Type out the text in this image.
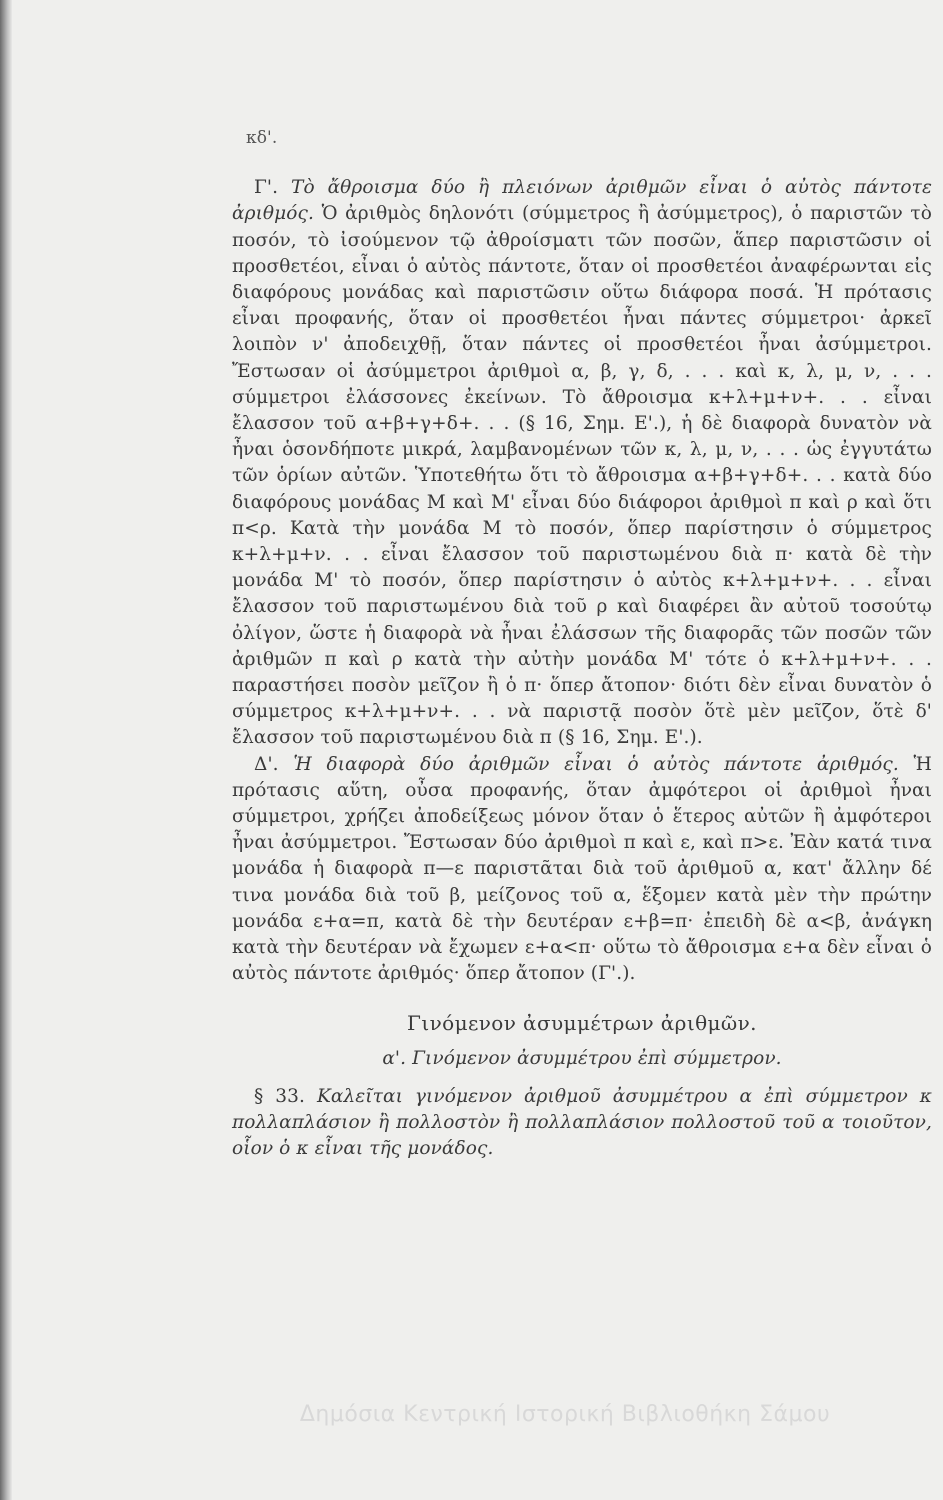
κδ'.

Γ'. Τὸ ἄθροισμα δύο ἢ πλειόνων ἀριθμῶν εἶναι ὁ αὐτὸς πάντοτε ἀριθμός. Ὁ ἀριθμὸς δηλονότι (σύμμετρος ἢ ἀσύμμετρος), ὁ παριστῶν τὸ ποσόν, τὸ ἰσούμενον τῷ ἀθροίσματι τῶν ποσῶν, ἅπερ παριστῶσιν οἱ προσθετέοι, εἶναι ὁ αὐτὸς πάντοτε, ὅταν οἱ προσθετέοι ἀναφέρωνται εἰς διαφόρους μονάδας καὶ παριστῶσιν οὕτω διάφορα ποσά. Ἡ πρότασις εἶναι προφανής, ὅταν οἱ προσθετέοι ἦναι πάντες σύμμετροι· ἀρκεῖ λοιπὸν ν' ἀποδειχθῇ, ὅταν πάντες οἱ προσθετέοι ἦναι ἀσύμμετροι. Ἔστωσαν οἱ ἀσύμμετροι ἀριθμοὶ α, β, γ, δ, . . . καὶ κ, λ, μ, ν, . . . σύμμετροι ἐλάσσονες ἐκείνων. Τὸ ἄθροισμα κ+λ+μ+ν+. . . εἶναι ἔλασσον τοῦ α+β+γ+δ+. . . (§ 16, Σημ. Ε'.), ἡ δὲ διαφορὰ δυνατὸν νὰ ἦναι ὁσονδήποτε μικρά, λαμβανομένων τῶν κ, λ, μ, ν, . . . ὡς ἐγγυτάτω τῶν ὁρίων αὐτῶν. Ὑποτεθήτω ὅτι τὸ ἄθροισμα α+β+γ+δ+. . . κατὰ δύο διαφόρους μονάδας Μ καὶ Μ' εἶναι δύο διάφοροι ἀριθμοὶ π καὶ ρ καὶ ὅτι π<ρ. Κατὰ τὴν μονάδα Μ τὸ ποσόν, ὅπερ παρίστησιν ὁ σύμμετρος κ+λ+μ+ν. . . εἶναι ἔλασσον τοῦ παριστωμένου διὰ π· κατὰ δὲ τὴν μονάδα Μ' τὸ ποσόν, ὅπερ παρίστησιν ὁ αὐτὸς κ+λ+μ+ν+. . . εἶναι ἔλασσον τοῦ παριστωμένου διὰ τοῦ ρ καὶ διαφέρει ἂν αὐτοῦ τοσούτῳ ὀλίγον, ὥστε ἡ διαφορὰ νὰ ἦναι ἐλάσσων τῆς διαφορᾶς τῶν ποσῶν τῶν ἀριθμῶν π καὶ ρ κατὰ τὴν αὐτὴν μονάδα Μ' τότε ὁ κ+λ+μ+ν+. . . παραστήσει ποσὸν μεῖζον ἢ ὁ π· ὅπερ ἄτοπον· διότι δὲν εἶναι δυνατὸν ὁ σύμμετρος κ+λ+μ+ν+. . . νὰ παριστᾷ ποσὸν ὅτὲ μὲν μεῖζον, ὅτὲ δ' ἔλασσον τοῦ παριστωμένου διὰ π (§ 16, Σημ. Ε'.).

Δ'. Ἡ διαφορὰ δύο ἀριθμῶν εἶναι ὁ αὐτὸς πάντοτε ἀριθμός. Ἡ πρότασις αὕτη, οὖσα προφανής, ὅταν ἀμφότεροι οἱ ἀριθμοὶ ἦναι σύμμετροι, χρήζει ἀποδείξεως μόνον ὅταν ὁ ἕτερος αὐτῶν ἢ ἀμφότεροι ἦναι ἀσύμμετροι. Ἔστωσαν δύο ἀριθμοὶ π καὶ ε, καὶ π>ε. Ἐὰν κατά τινα μονάδα ἡ διαφορὰ π—ε παριστᾶται διὰ τοῦ ἀριθμοῦ α, κατ' ἄλλην δέ τινα μονάδα διὰ τοῦ β, μείζονος τοῦ α, ἕξομεν κατὰ μὲν τὴν πρώτην μονάδα ε+α=π, κατὰ δὲ τὴν δευτέραν ε+β=π· ἐπειδὴ δὲ α<β, ἀνάγκη κατὰ τὴν δευτέραν νὰ ἔχωμεν ε+α<π· οὕτω τὸ ἄθροισμα ε+α δὲν εἶναι ὁ αὐτὸς πάντοτε ἀριθμός· ὅπερ ἄτοπον (Γ'.).

Γινόμενον ἀσυμμέτρων ἀριθμῶν.
α'. Γινόμενον ἀσυμμέτρου ἐπὶ σύμμετρον.

§ 33. Καλεῖται γινόμενον ἀριθμοῦ ἀσυμμέτρου α ἐπὶ σύμμετρον κ πολλαπλάσιον ἢ πολλοστὸν ἢ πολλαπλάσιον πολλοστοῦ τοῦ α τοιοῦτον, οἷον ὁ κ εἶναι τῆς μονάδος.

Δημόσια Κεντρική Ιστορική Βιβλιοθήκη Σάμου
